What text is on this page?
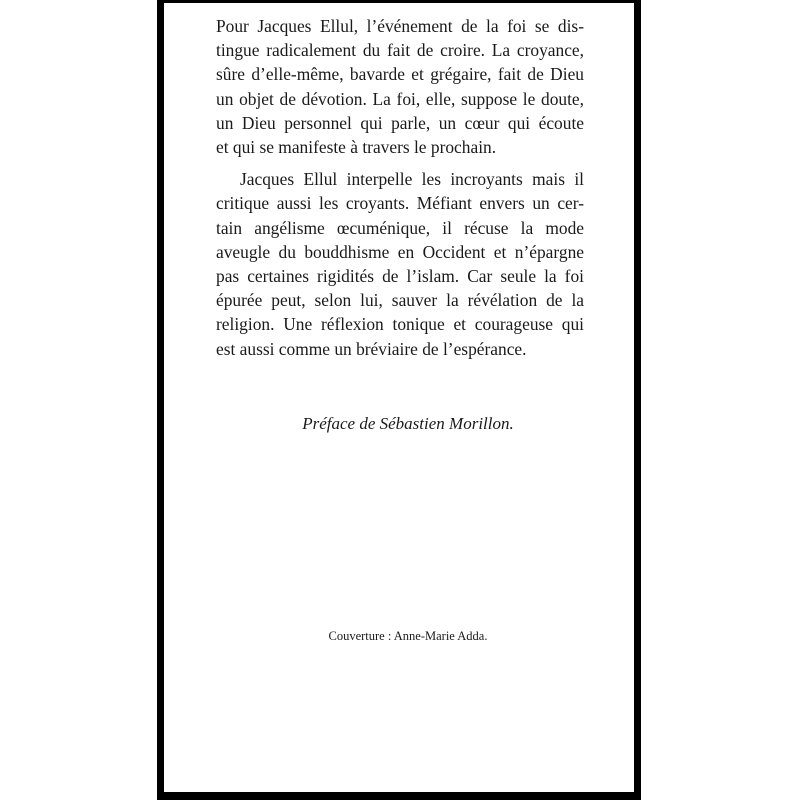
Pour Jacques Ellul, l’événement de la foi se dis-
tingue radicalement du fait de croire. La croyance,
sûre d’elle-même, bavarde et grégaire, fait de Dieu
un objet de dévotion. La foi, elle, suppose le doute,
un Dieu personnel qui parle, un cœur qui écoute
et qui se manifeste à travers le prochain.

Jacques Ellul interpelle les incroyants mais il
critique aussi les croyants. Méfiant envers un cer-
tain angélisme œcuménique, il récuse la mode
aveugle du bouddhisme en Occident et n’épargne
pas certaines rigidités de l’islam. Car seule la foi
épurée peut, selon lui, sauver la révélation de la
religion. Une réflexion tonique et courageuse qui
est aussi comme un bréviaire de l’espérance.

Préface de Sébastien Morillon.
Couverture : Anne-Marie Adda.
